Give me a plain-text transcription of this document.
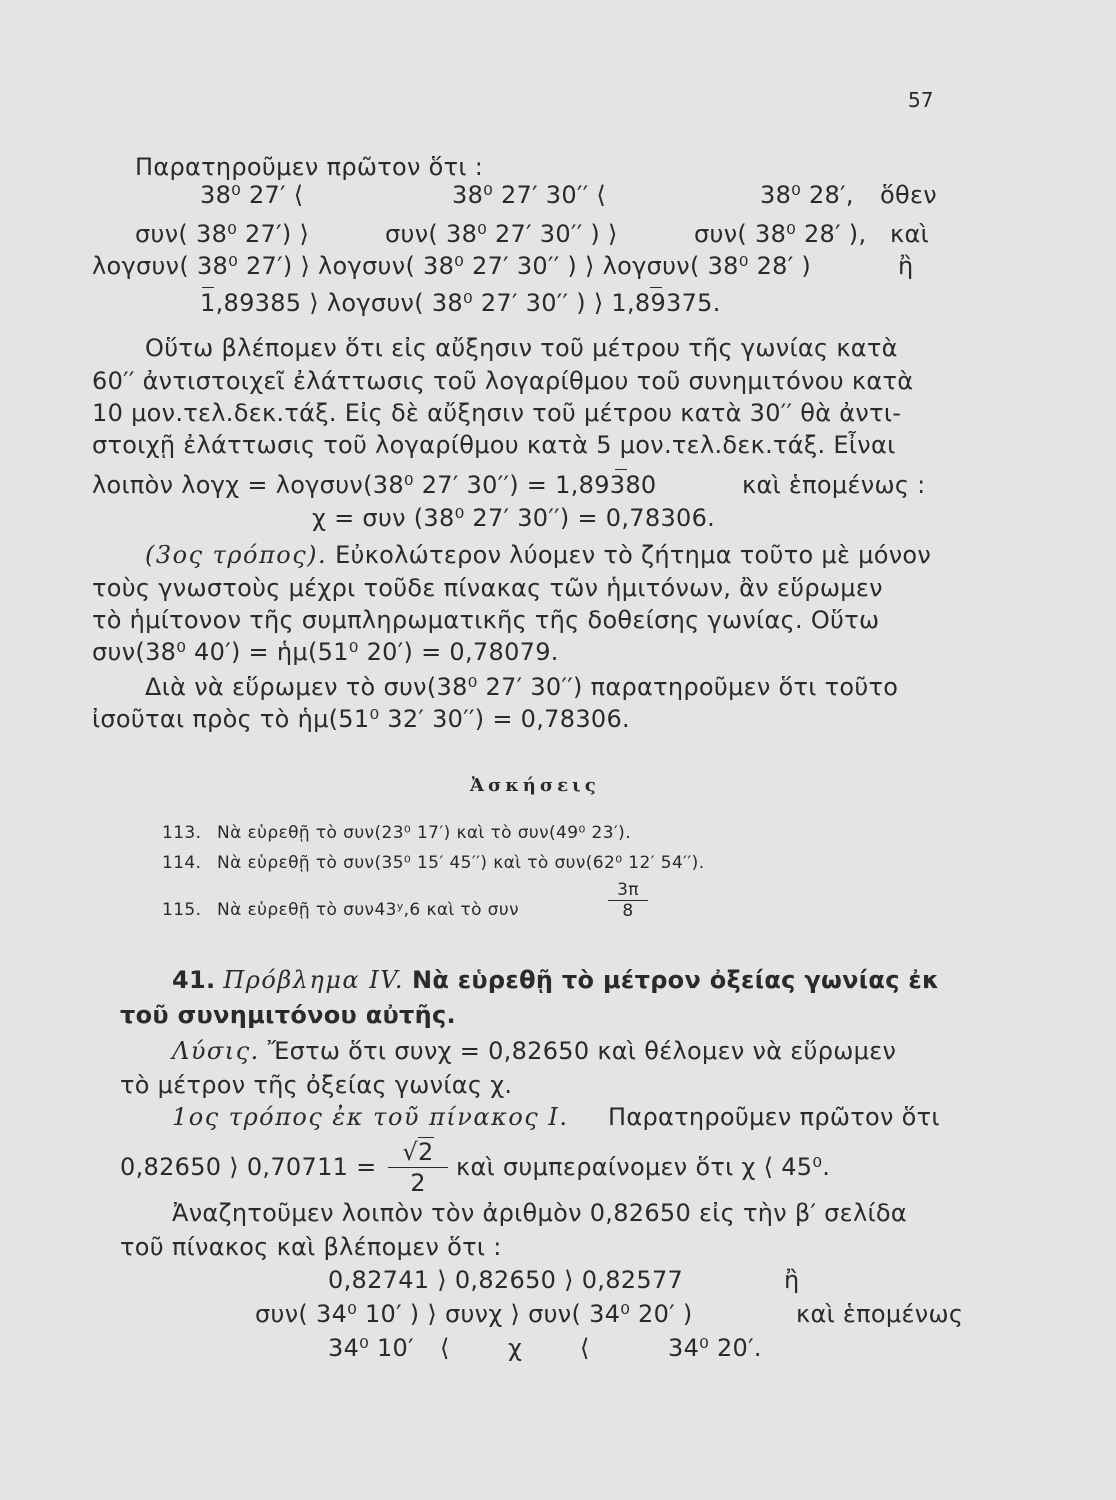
57
Παρατηροῦμεν πρῶτον ὅτι :
38⁰ 27′ ⟨	38⁰ 27′ 30′′ ⟨	38⁰ 28′, ὅθεν
συν( 38⁰ 27′) ⟩	συν( 38⁰ 27′ 30′′ ) ⟩	συν( 38⁰ 28′ ), καὶ
λογσυν( 38⁰ 27′) ⟩ λογσυν( 38⁰ 27′ 30′′ ) ⟩ λογσυν( 38⁰ 28′ )	ἢ
1,89385 ⟩ λογσυν( 38⁰ 27′ 30′′ ) ⟩ 1,89375.
Οὕτω βλέπομεν ὅτι εἰς αὔξησιν τοῦ μέτρου τῆς γωνίας κατὰ
60′′ ἀντιστοιχεῖ ἐλάττωσις τοῦ λογαρίθμου τοῦ συνημιτόνου κατὰ
10 μον.τελ.δεκ.τάξ. Εἰς δὲ αὔξησιν τοῦ μέτρου κατὰ 30′′ θὰ ἀντι-
στοιχῇ ἐλάττωσις τοῦ λογαρίθμου κατὰ 5 μον.τελ.δεκ.τάξ. Εἶναι
λοιπὸν λογχ = λογσυν(38⁰ 27′ 30′′) = 1,89380	καὶ ἑπομένως :
χ = συν (38⁰ 27′ 30′′) = 0,78306.
(3ος τρόπος). Εὐκολώτερον λύομεν τὸ ζήτημα τοῦτο μὲ μόνον
τοὺς γνωστοὺς μέχρι τοῦδε πίνακας τῶν ἡμιτόνων, ἂν εὕρωμεν
τὸ ἡμίτονον τῆς συμπληρωματικῆς τῆς δοθείσης γωνίας. Οὕτω
συν(38⁰ 40′) = ἡμ(51⁰ 20′) = 0,78079.
Διὰ νὰ εὕρωμεν τὸ συν(38⁰ 27′ 30′′) παρατηροῦμεν ὅτι τοῦτο
ἰσοῦται πρὸς τὸ ἡμ(51⁰ 32′ 30′′) = 0,78306.
Ἀσκήσεις
113. Νὰ εὑρεθῇ τὸ συν(23⁰ 17′) καὶ τὸ συν(49⁰ 23′).
114. Νὰ εὑρεθῇ τὸ συν(35⁰ 15′ 45′′) καὶ τὸ συν(62⁰ 12′ 54′′).
115. Νὰ εὑρεθῇ τὸ συν43ʸ,6 καὶ τὸ συν	$\frac{3\pi}{8}$
41. Πρόβλημα IV. Νὰ εὑρεθῇ τὸ μέτρον ὀξείας γωνίας ἐκ
τοῦ συνημιτόνου αὐτῆς.
Λύσις. Ἔστω ὅτι συνχ = 0,82650 καὶ θέλομεν νὰ εὕρωμεν
τὸ μέτρον τῆς ὀξείας γωνίας χ.
1ος τρόπος ἐκ τοῦ πίνακος Ι. Παρατηροῦμεν πρῶτον ὅτι
0,82650 ⟩ $0,70711 = \frac{√2}{2}$ καὶ συμπεραίνομεν ὅτι χ ⟨ 45⁰.
Ἀναζητοῦμεν λοιπὸν τὸν ἀριθμὸν 0,82650 εἰς τὴν β′ σελίδα
τοῦ πίνακος καὶ βλέπομεν ὅτι :
0,82741 ⟩ 0,82650 ⟩ 0,82577	ἢ
συν( 34⁰ 10′ ) ⟩ συνχ ⟩ συν( 34⁰ 20′ )	καὶ ἑπομένως
34⁰ 10′ ⟨ χ ⟨	34⁰ 20′.
